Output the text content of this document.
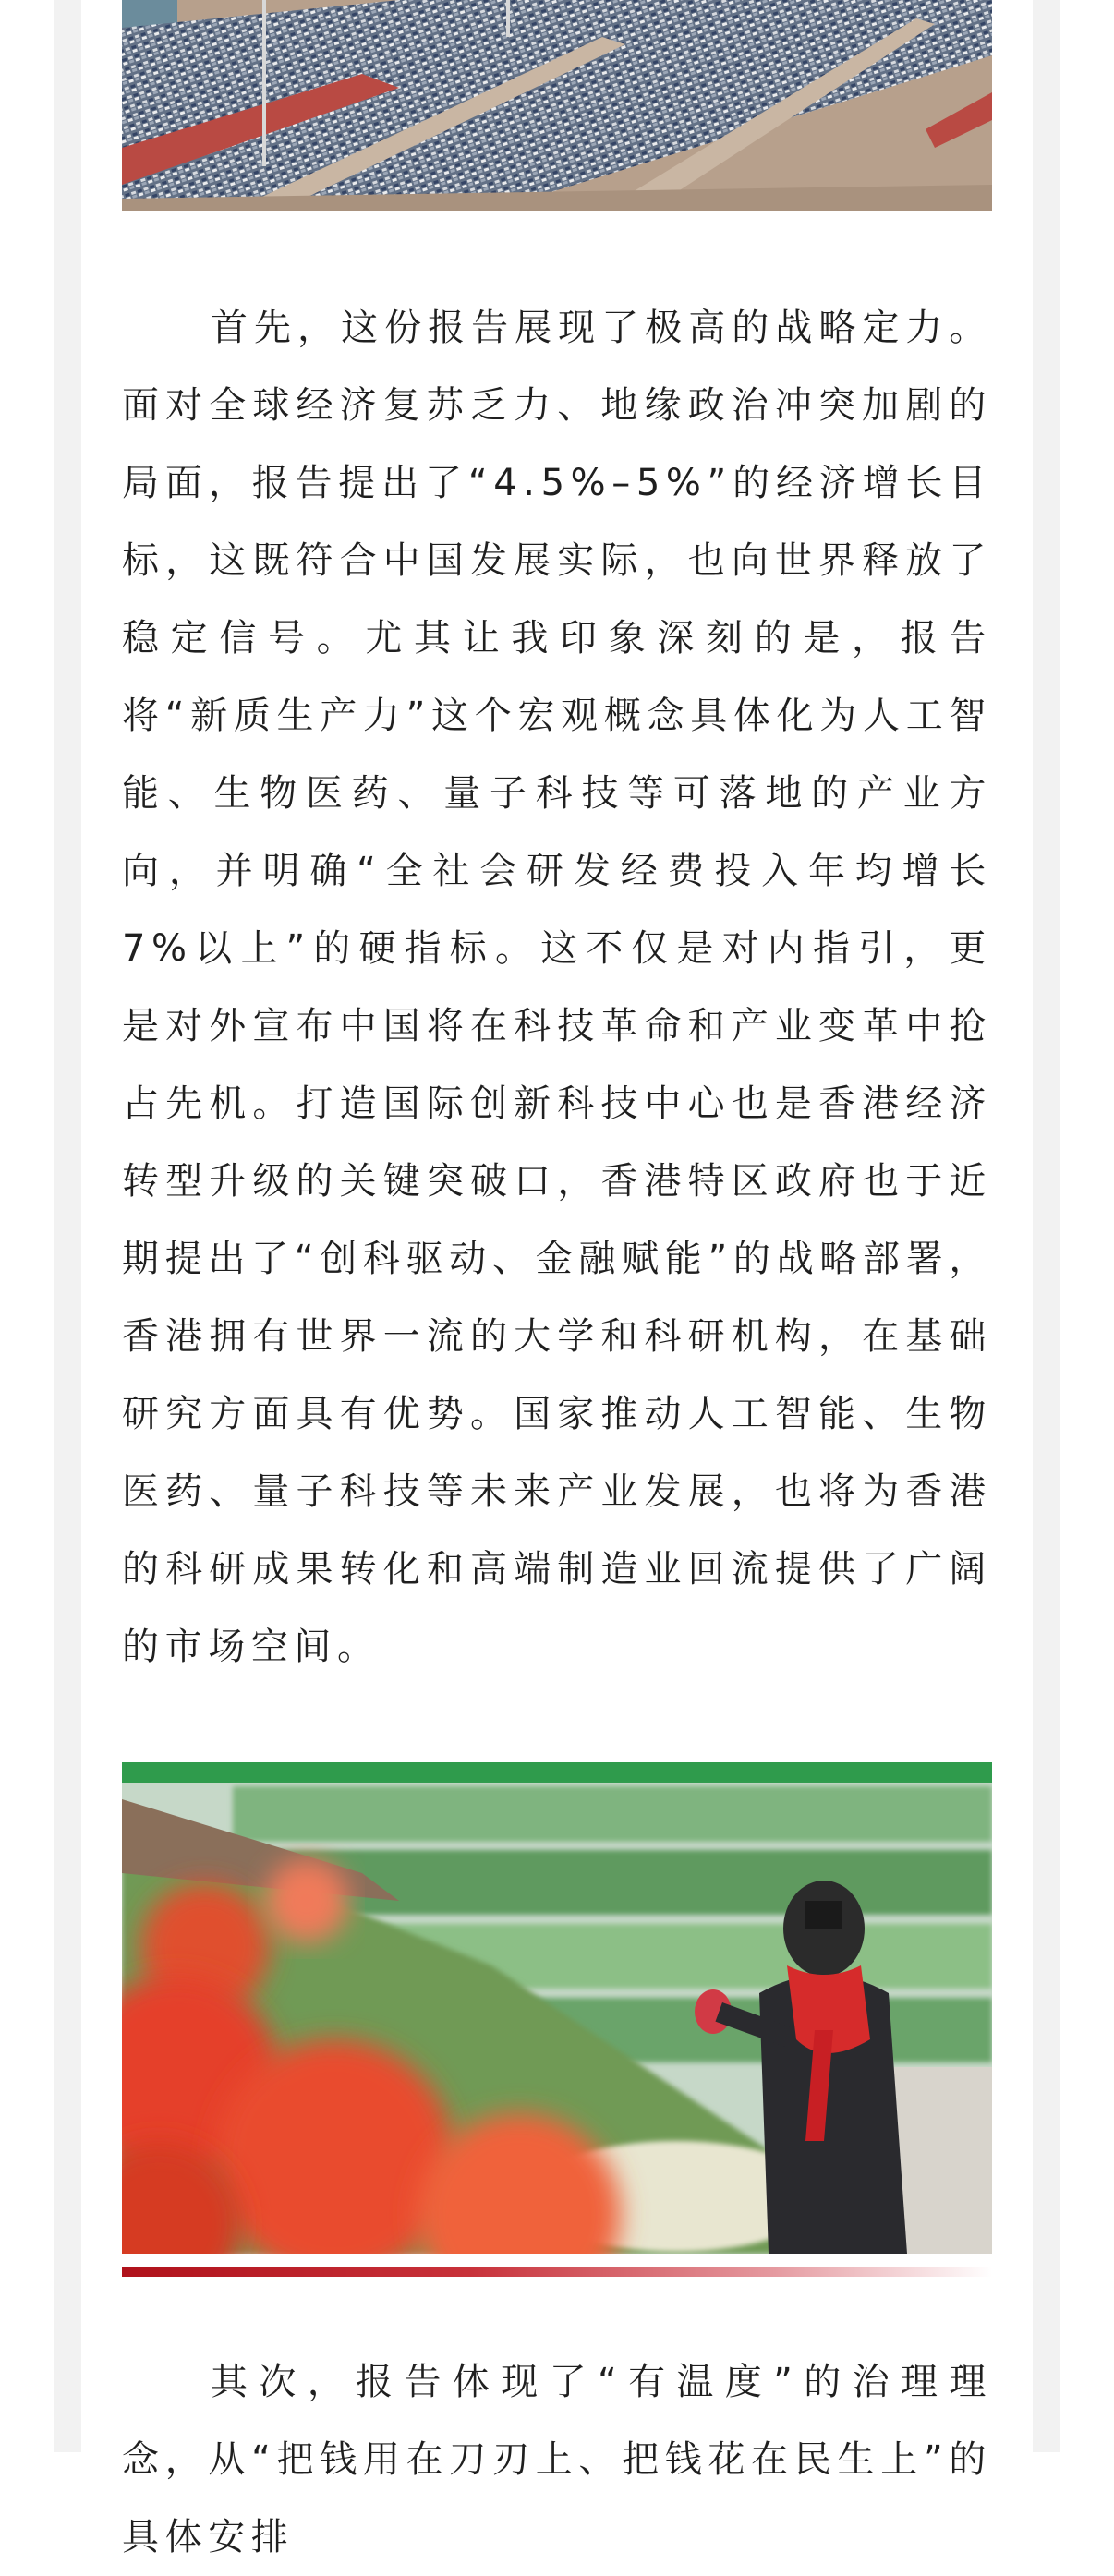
首先，这份报告展现了极高的战略定力。面对全球经济复苏乏力、地缘政治冲突加剧的局面，报告提出了“4.5%–5%”的经济增长目标，这既符合中国发展实际，也向世界释放了稳定信号。尤其让我印象深刻的是，报告将“新质生产力”这个宏观概念具体化为人工智能、生物医药、量子科技等可落地的产业方向，并明确“全社会研发经费投入年均增长7%以上”的硬指标。这不仅是对内指引，更是对外宣布中国将在科技革命和产业变革中抢占先机。打造国际创新科技中心也是香港经济转型升级的关键突破口，香港特区政府也于近期提出了“创科驱动、金融赋能”的战略部署，香港拥有世界一流的大学和科研机构，在基础研究方面具有优势。国家推动人工智能、生物医药、量子科技等未来产业发展，也将为香港的科研成果转化和高端制造业回流提供了广阔的市场空间。

其次，报告体现了“有温度”的治理理念，从“把钱用在刀刃上、把钱花在民生上”的具体安排
